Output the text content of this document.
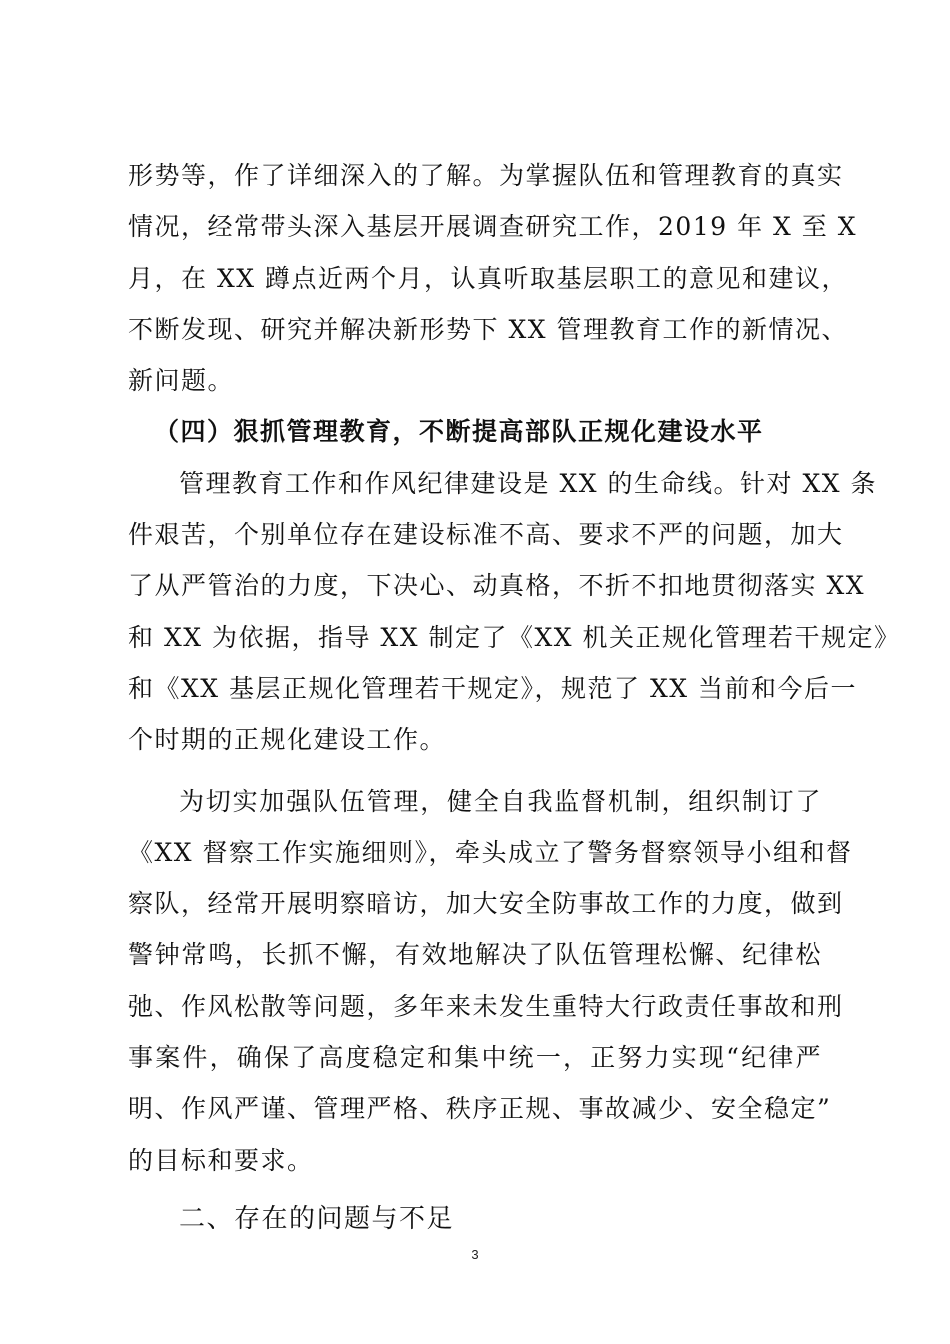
形势等，作了详细深入的了解。为掌握队伍和管理教育的真实
情况，经常带头深入基层开展调查研究工作，2019 年 X 至 X
月，在 XX 蹲点近两个月，认真听取基层职工的意见和建议，
不断发现、研究并解决新形势下 XX 管理教育工作的新情况、
新问题。

（四）狠抓管理教育，不断提高部队正规化建设水平

管理教育工作和作风纪律建设是 XX 的生命线。针对 XX 条
件艰苦，个别单位存在建设标准不高、要求不严的问题，加大
了从严管治的力度，下决心、动真格，不折不扣地贯彻落实 XX
和 XX 为依据，指导 XX 制定了《XX 机关正规化管理若干规定》
和《XX 基层正规化管理若干规定》，规范了 XX 当前和今后一
个时期的正规化建设工作。

为切实加强队伍管理，健全自我监督机制，组织制订了
《XX 督察工作实施细则》，牵头成立了警务督察领导小组和督
察队，经常开展明察暗访，加大安全防事故工作的力度，做到
警钟常鸣，长抓不懈，有效地解决了队伍管理松懈、纪律松
弛、作风松散等问题，多年来未发生重特大行政责任事故和刑
事案件，确保了高度稳定和集中统一，正努力实现“纪律严
明、作风严谨、管理严格、秩序正规、事故减少、安全稳定”
的目标和要求。

二、存在的问题与不足
3
